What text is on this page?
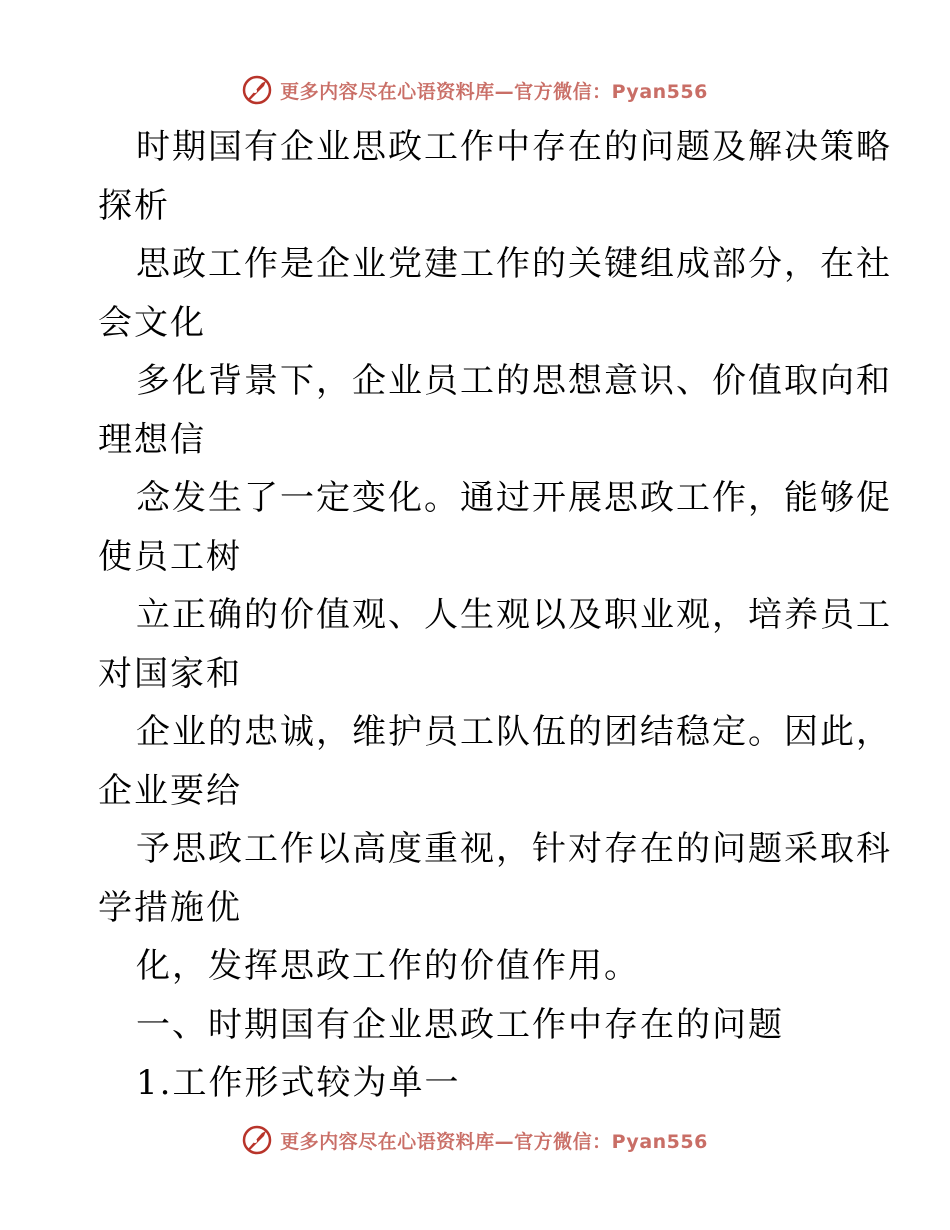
更多内容尽在心语资料库—官方微信：Pyan556
时期国有企业思政工作中存在的问题及解决策略
探析
思政工作是企业党建工作的关键组成部分，在社
会文化
多化背景下，企业员工的思想意识、价值取向和
理想信
念发生了一定变化。通过开展思政工作，能够促
使员工树
立正确的价值观、人生观以及职业观，培养员工
对国家和
企业的忠诚，维护员工队伍的团结稳定。因此，
企业要给
予思政工作以高度重视，针对存在的问题采取科
学措施优
化，发挥思政工作的价值作用。
一、时期国有企业思政工作中存在的问题
1.工作形式较为单一
更多内容尽在心语资料库—官方微信：Pyan556
